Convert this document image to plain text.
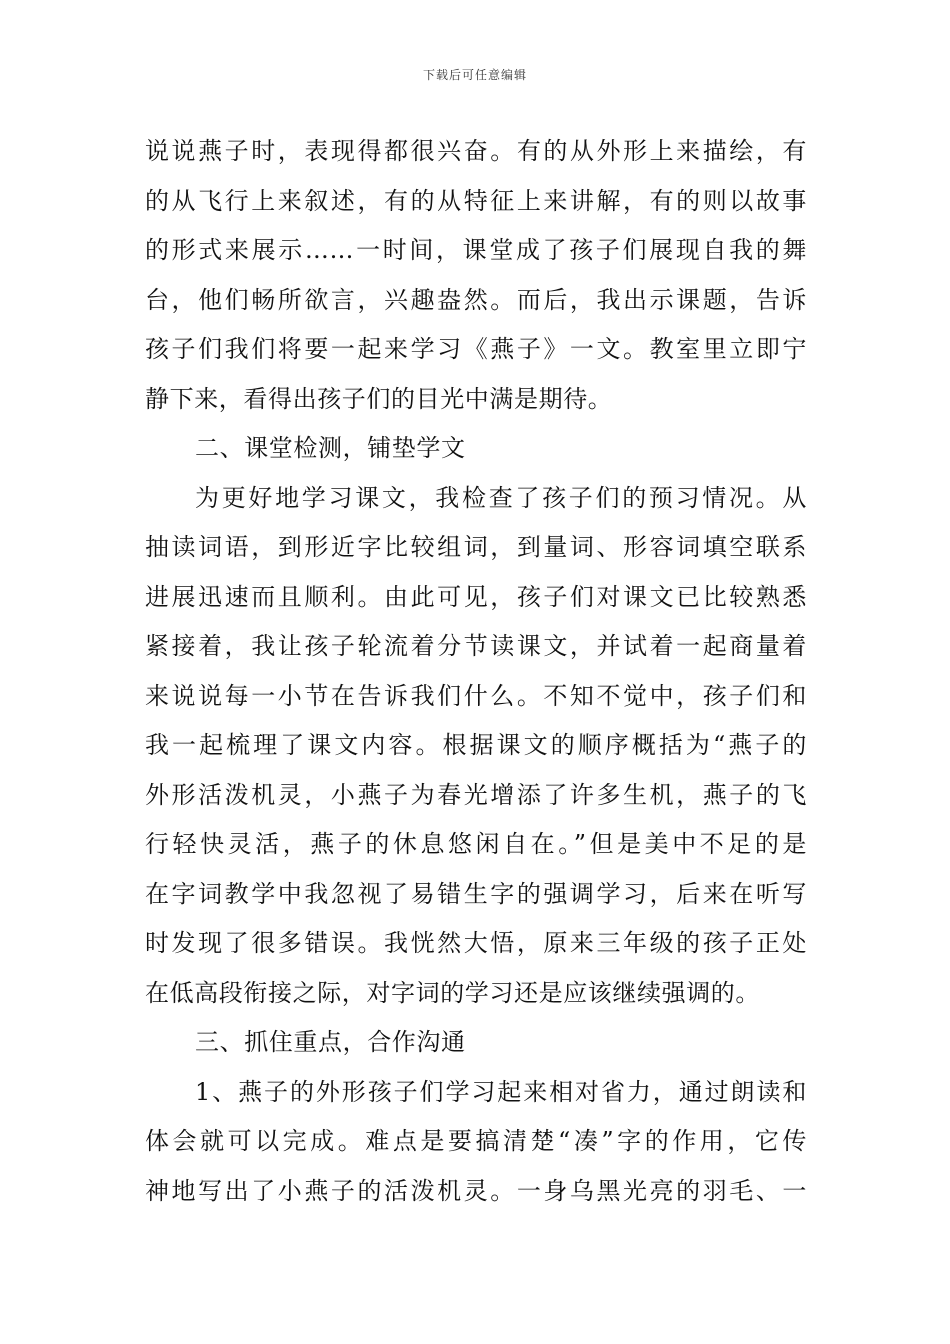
下载后可任意编辑
说说燕子时，表现得都很兴奋。有的从外形上来描绘，有
的从飞行上来叙述，有的从特征上来讲解，有的则以故事
的形式来展示……一时间，课堂成了孩子们展现自我的舞
台，他们畅所欲言，兴趣盎然。而后，我出示课题，告诉
孩子们我们将要一起来学习《燕子》一文。教室里立即宁
静下来，看得出孩子们的目光中满是期待。
二、课堂检测，铺垫学文
为更好地学习课文，我检查了孩子们的预习情况。从
抽读词语，到形近字比较组词，到量词、形容词填空联系
进展迅速而且顺利。由此可见，孩子们对课文已比较熟悉
紧接着，我让孩子轮流着分节读课文，并试着一起商量着
来说说每一小节在告诉我们什么。不知不觉中，孩子们和
我一起梳理了课文内容。根据课文的顺序概括为“燕子的
外形活泼机灵，小燕子为春光增添了许多生机，燕子的飞
行轻快灵活，燕子的休息悠闲自在。”但是美中不足的是
在字词教学中我忽视了易错生字的强调学习，后来在听写
时发现了很多错误。我恍然大悟，原来三年级的孩子正处
在低高段衔接之际，对字词的学习还是应该继续强调的。
三、抓住重点，合作沟通
1、燕子的外形孩子们学习起来相对省力，通过朗读和
体会就可以完成。难点是要搞清楚“凑”字的作用，它传
神地写出了小燕子的活泼机灵。一身乌黑光亮的羽毛、一
